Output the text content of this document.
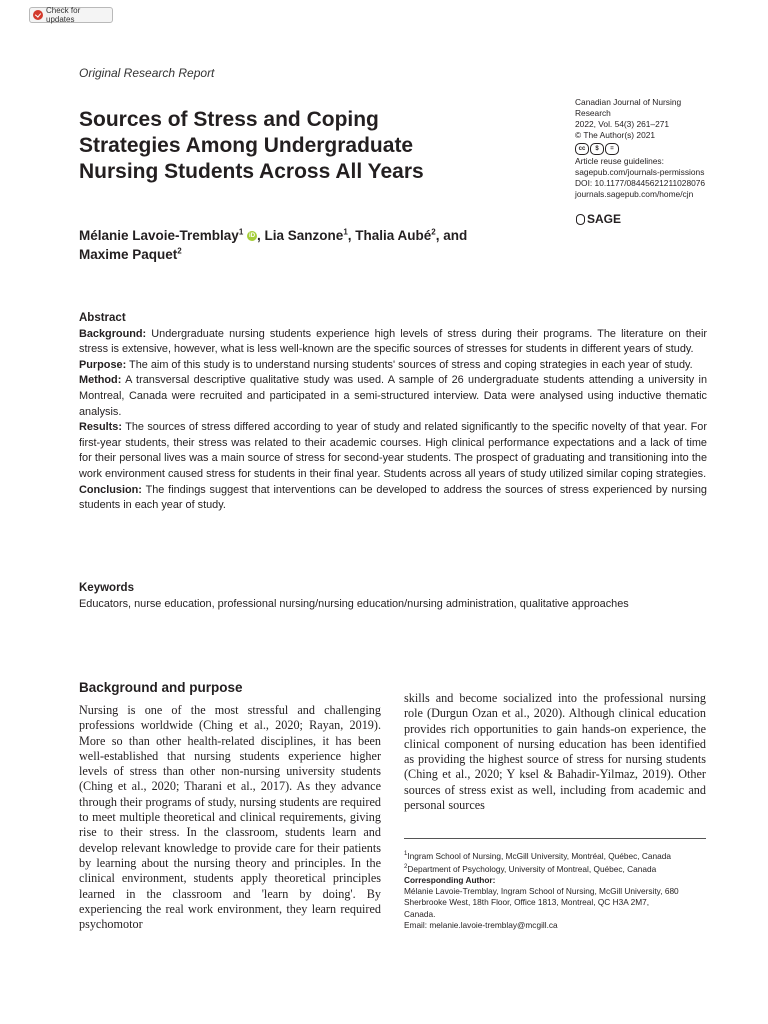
Check for updates
Original Research Report
Sources of Stress and Coping Strategies Among Undergraduate Nursing Students Across All Years
Canadian Journal of Nursing
Research
2022, Vol. 54(3) 261–271
© The Author(s) 2021
cc	$	=
Article reuse guidelines:
sagepub.com/journals-permissions
DOI: 10.1177/08445621211028076
journals.sagepub.com/home/cjn
SAGE
Mélanie Lavoie-Tremblay$^1$ iD , Lia Sanzone$^1$, Thalia Aubé$^2$, and
Maxime Paquet$^2$

Abstract

Background: Undergraduate nursing students experience high levels of stress during their programs. The literature on their stress is extensive, however, what is less well-known are the specific sources of stresses for students in different years of study.

Purpose: The aim of this study is to understand nursing students' sources of stress and coping strategies in each year of study.

Method: A transversal descriptive qualitative study was used. A sample of 26 undergraduate students attending a university in Montreal, Canada were recruited and participated in a semi-structured interview. Data were analysed using inductive thematic analysis.

Results: The sources of stress differed according to year of study and related significantly to the specific novelty of that year. For first-year students, their stress was related to their academic courses. High clinical performance expectations and a lack of time for their personal lives was a main source of stress for second-year students. The prospect of graduating and transitioning into the work environment caused stress for students in their final year. Students across all years of study utilized similar coping strategies.

Conclusion: The findings suggest that interventions can be developed to address the sources of stress experienced by nursing students in each year of study.

Keywords
Educators, nurse education, professional nursing/nursing education/nursing administration, qualitative approaches
Background and purpose
Nursing is one of the most stressful and challenging professions worldwide (Ching et al., 2020; Rayan, 2019). More so than other health-related disciplines, it has been well-established that nursing students experience higher levels of stress than other non-nursing university students (Ching et al., 2020; Tharani et al., 2017). As they advance through their programs of study, nursing students are required to meet multiple theoretical and clinical requirements, giving rise to their stress. In the classroom, students learn and develop relevant knowledge to provide care for their patients by learning about the nursing theory and principles. In the clinical environment, students apply theoretical principles learned in the classroom and 'learn by doing'. By experiencing the real work environment, they learn required psychomotor
skills and become socialized into the professional nursing role (Durgun Ozan et al., 2020). Although clinical education provides rich opportunities to gain hands-on experience, the clinical component of nursing education has been identified as providing the highest source of stress for nursing students (Ching et al., 2020; Y ksel & Bahadir-Yilmaz, 2019). Other sources of stress exist as well, including from academic and personal sources
$^1$Ingram School of Nursing, McGill University, Montréal, Québec, Canada
$^2$Department of Psychology, University of Montreal, Québec, Canada
Corresponding Author:
Mélanie Lavoie-Tremblay, Ingram School of Nursing, McGill University, 680
Sherbrooke West, 18th Floor, Office 1813, Montreal, QC H3A 2M7,
Canada.
Email: melanie.lavoie-tremblay@mcgill.ca
